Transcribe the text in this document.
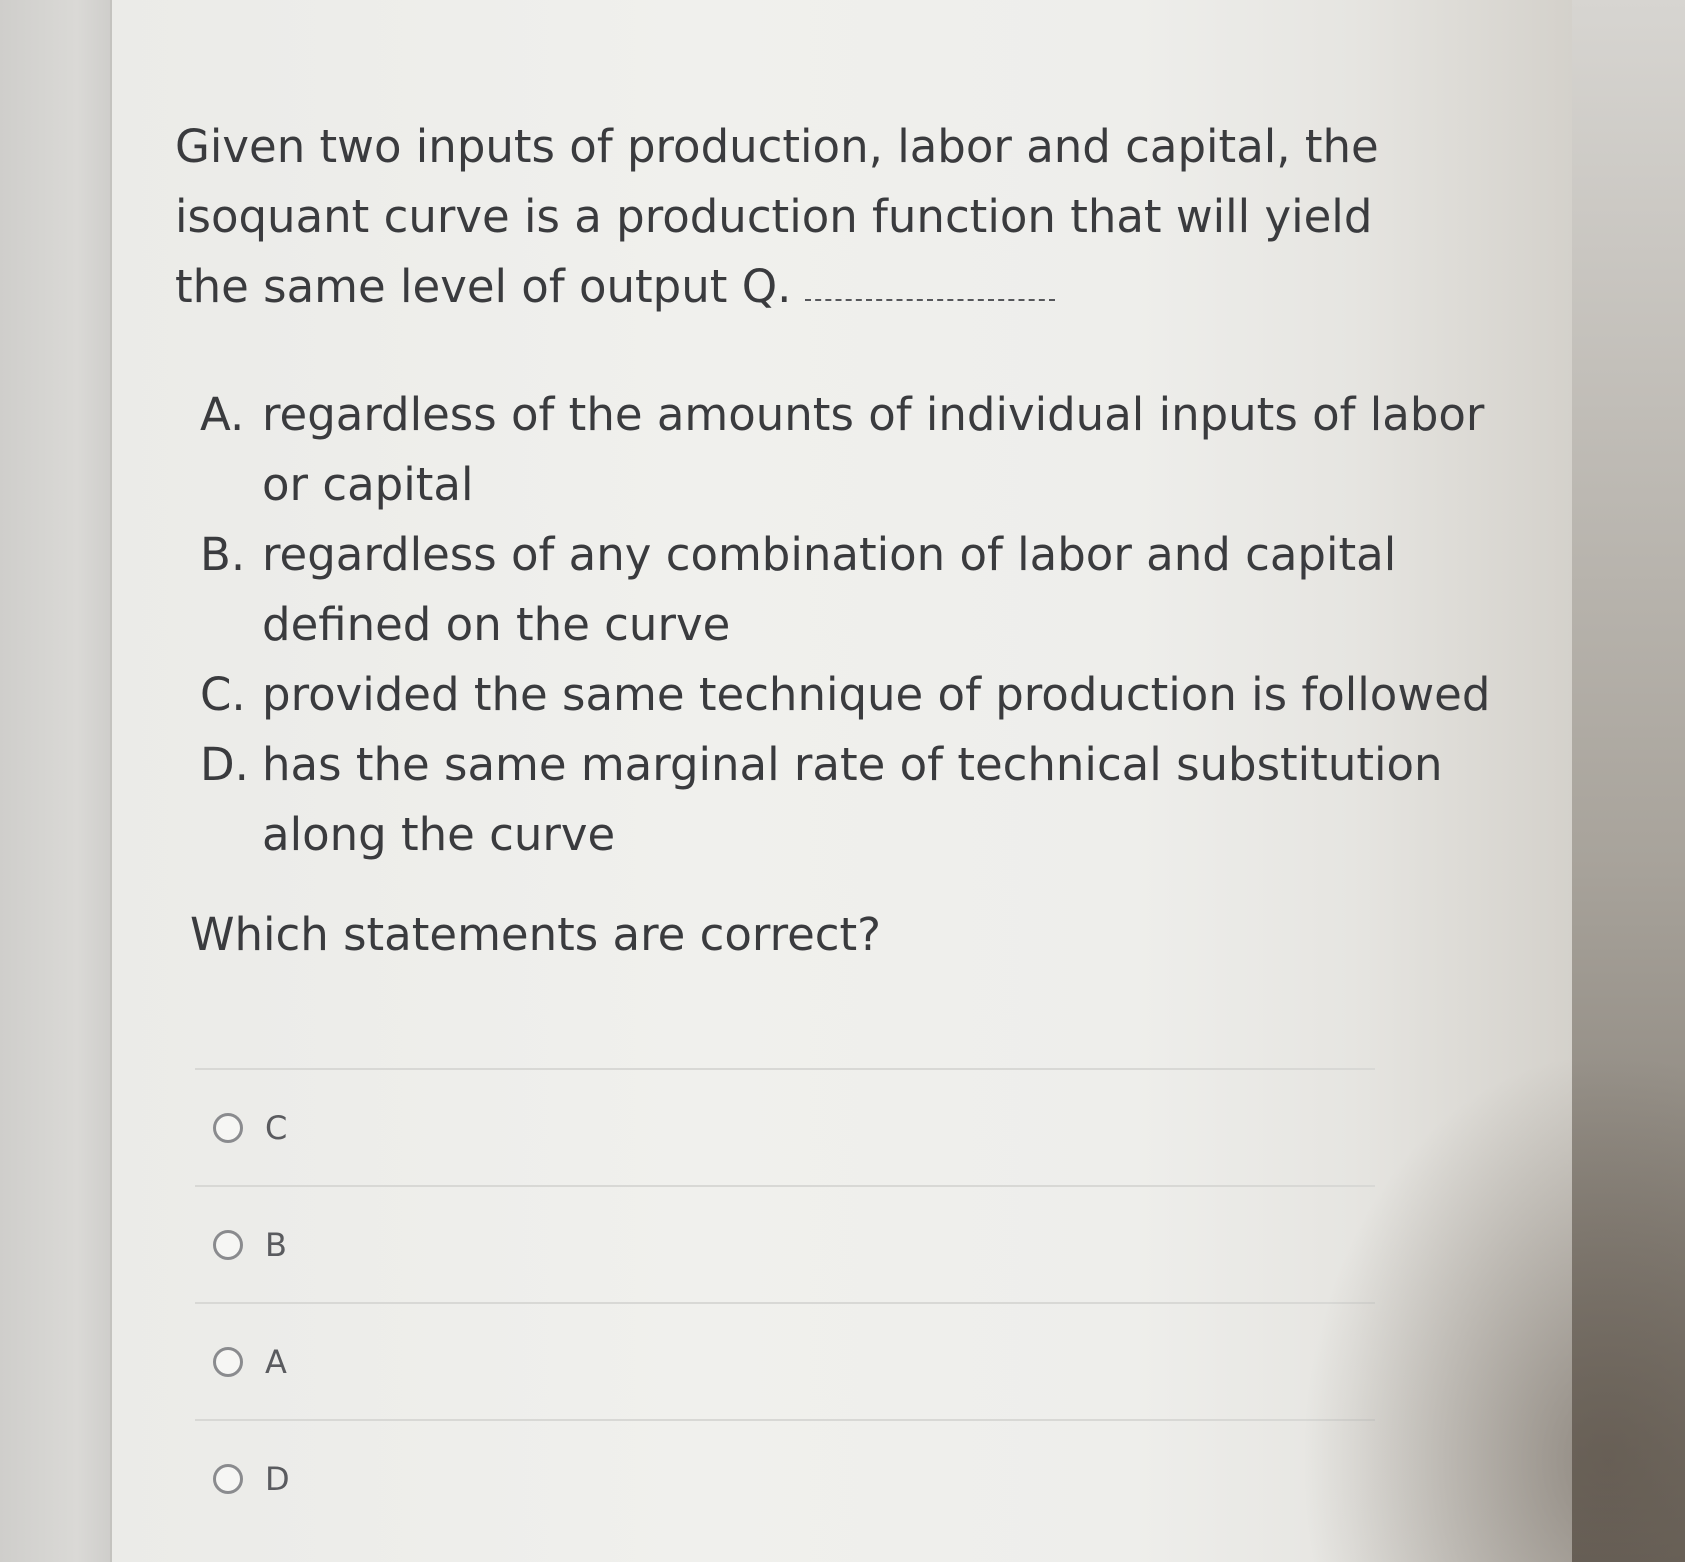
Given two inputs of production, labor and capital, the isoquant curve is a production function that will yield the same level of output Q.

A. regardless of the amounts of individual inputs of labor or capital
B. regardless of any combination of labor and capital defined on the curve
C. provided the same technique of production is followed
D. has the same marginal rate of technical substitution along the curve

Which statements are correct?

C
B
A
D
